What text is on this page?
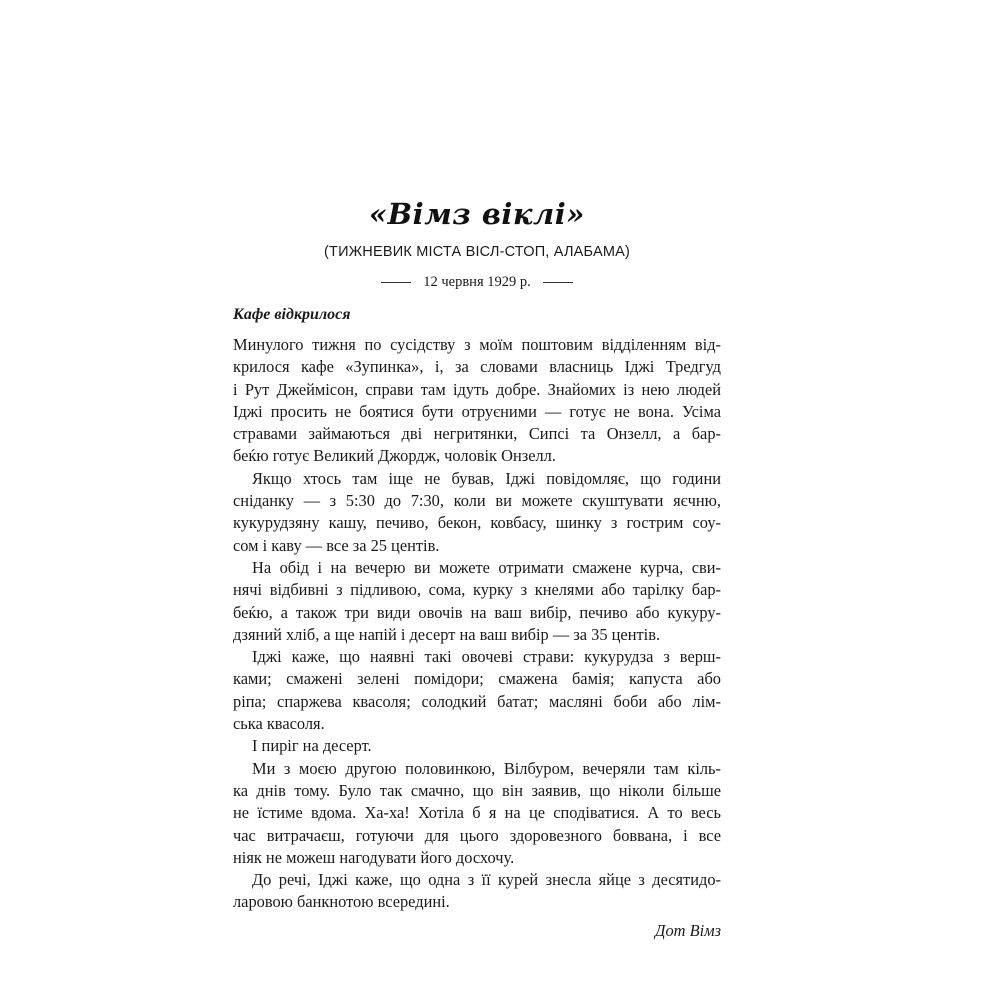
«Вімз віклі»
(ТИЖНЕВИК МІСТА ВІСЛ-СТОП, АЛАБАМА)
12 червня 1929 р.
Кафе відкрилося
Минулого тижня по сусідству з моїм поштовим відділенням від-
крилося кафе «Зупинка», і, за словами власниць Іджі Тредгуд
і Рут Джеймісон, справи там ідуть добре. Знайомих із нею людей
Іджі просить не боятися бути отруєними — готує не вона. Усіма
стравами займаються дві негритянки, Сипсі та Онзелл, а бар-
беќю готує Великий Джордж, чоловік Онзелл.
Якщо хтось там іще не бував, Іджі повідомляє, що години
сніданку — з 5:30 до 7:30, коли ви можете скуштувати яєчню,
кукурудзяну кашу, печиво, бекон, ковбасу, шинку з гострим соу-
сом і каву — все за 25 центів.
На обід і на вечерю ви можете отримати смажене курча, сви-
нячі відбивні з підливою, сома, курку з кнелями або тарілку бар-
беќю, а також три види овочів на ваш вибір, печиво або кукуру-
дзяний хліб, а ще напій і десерт на ваш вибір — за 35 центів.
Іджі каже, що наявні такі овочеві страви: кукурудза з верш-
ками; смажені зелені помідори; смажена бамія; капуста або
ріпа; спаржева квасоля; солодкий батат; масляні боби або лім-
ська квасоля.
І пиріг на десерт.
Ми з моєю другою половинкою, Вілбуром, вечеряли там кіль-
ка днів тому. Було так смачно, що він заявив, що ніколи більше
не їстиме вдома. Ха-ха! Хотіла б я на це сподіватися. А то весь
час витрачаєш, готуючи для цього здоровезного боввана, і все
ніяк не можеш нагодувати його досхочу.
До речі, Іджі каже, що одна з її курей знесла яйце з десятидо-
ларовою банкнотою всередині.
Дот Вімз
